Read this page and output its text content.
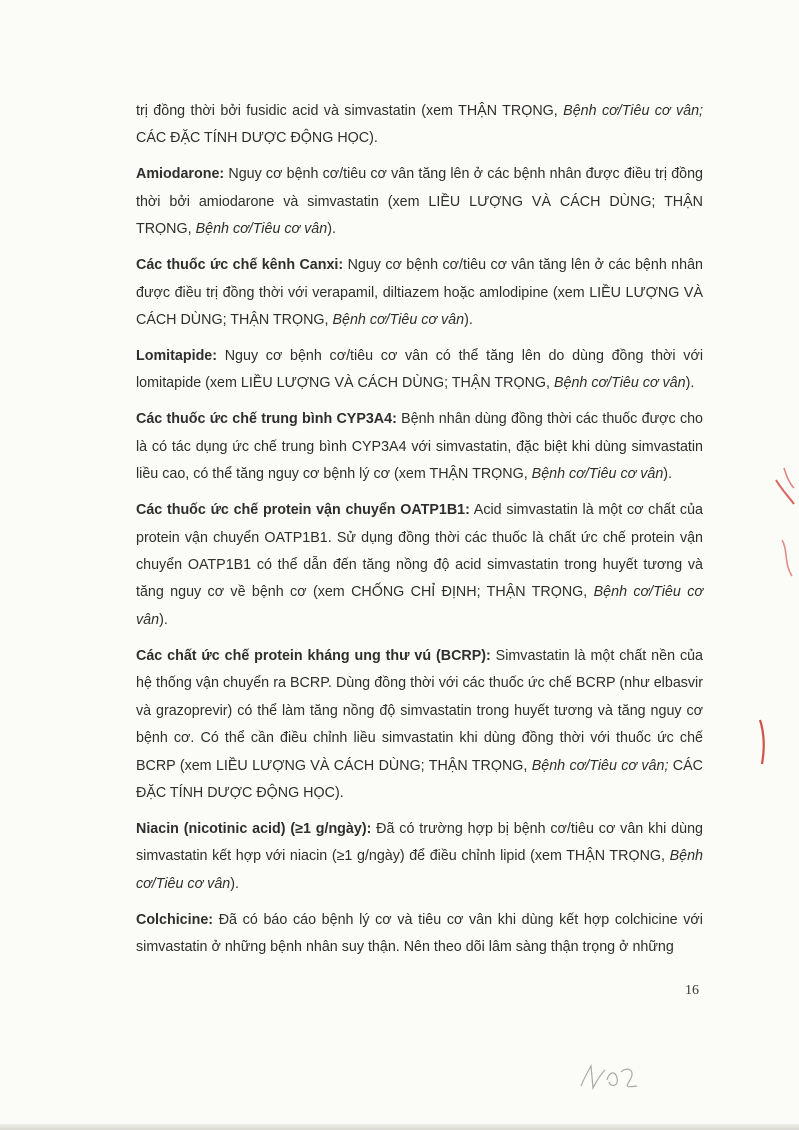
trị đồng thời bởi fusidic acid và simvastatin (xem THẬN TRỌNG, Bệnh cơ/Tiêu cơ vân; CÁC ĐẶC TÍNH DƯỢC ĐỘNG HỌC).

Amiodarone: Nguy cơ bệnh cơ/tiêu cơ vân tăng lên ở các bệnh nhân được điều trị đồng thời bởi amiodarone và simvastatin (xem LIỀU LƯỢNG VÀ CÁCH DÙNG; THẬN TRỌNG, Bệnh cơ/Tiêu cơ vân).

Các thuốc ức chế kênh Canxi: Nguy cơ bệnh cơ/tiêu cơ vân tăng lên ở các bệnh nhân được điều trị đồng thời với verapamil, diltiazem hoặc amlodipine (xem LIỀU LƯỢNG VÀ CÁCH DÙNG; THẬN TRỌNG, Bệnh cơ/Tiêu cơ vân).

Lomitapide: Nguy cơ bệnh cơ/tiêu cơ vân có thể tăng lên do dùng đồng thời với lomitapide (xem LIỀU LƯỢNG VÀ CÁCH DÙNG; THẬN TRỌNG, Bệnh cơ/Tiêu cơ vân).

Các thuốc ức chế trung bình CYP3A4: Bệnh nhân dùng đồng thời các thuốc được cho là có tác dụng ức chế trung bình CYP3A4 với simvastatin, đặc biệt khi dùng simvastatin liều cao, có thể tăng nguy cơ bệnh lý cơ (xem THẬN TRỌNG, Bệnh cơ/Tiêu cơ vân).

Các thuốc ức chế protein vận chuyển OATP1B1: Acid simvastatin là một cơ chất của protein vận chuyển OATP1B1. Sử dụng đồng thời các thuốc là chất ức chế protein vận chuyển OATP1B1 có thể dẫn đến tăng nồng độ acid simvastatin trong huyết tương và tăng nguy cơ về bệnh cơ (xem CHỐNG CHỈ ĐỊNH; THẬN TRỌNG, Bệnh cơ/Tiêu cơ vân).

Các chất ức chế protein kháng ung thư vú (BCRP): Simvastatin là một chất nền của hệ thống vận chuyển ra BCRP. Dùng đồng thời với các thuốc ức chế BCRP (như elbasvir và grazoprevir) có thể làm tăng nồng độ simvastatin trong huyết tương và tăng nguy cơ bệnh cơ. Có thể cần điều chỉnh liều simvastatin khi dùng đồng thời với thuốc ức chế BCRP (xem LIỀU LƯỢNG VÀ CÁCH DÙNG; THẬN TRỌNG, Bệnh cơ/Tiêu cơ vân; CÁC ĐẶC TÍNH DƯỢC ĐỘNG HỌC).

Niacin (nicotinic acid) (≥1 g/ngày): Đã có trường hợp bị bệnh cơ/tiêu cơ vân khi dùng simvastatin kết hợp với niacin (≥1 g/ngày) để điều chỉnh lipid (xem THẬN TRỌNG, Bệnh cơ/Tiêu cơ vân).

Colchicine: Đã có báo cáo bệnh lý cơ và tiêu cơ vân khi dùng kết hợp colchicine với simvastatin ở những bệnh nhân suy thận. Nên theo dõi lâm sàng thận trọng ở những

16
